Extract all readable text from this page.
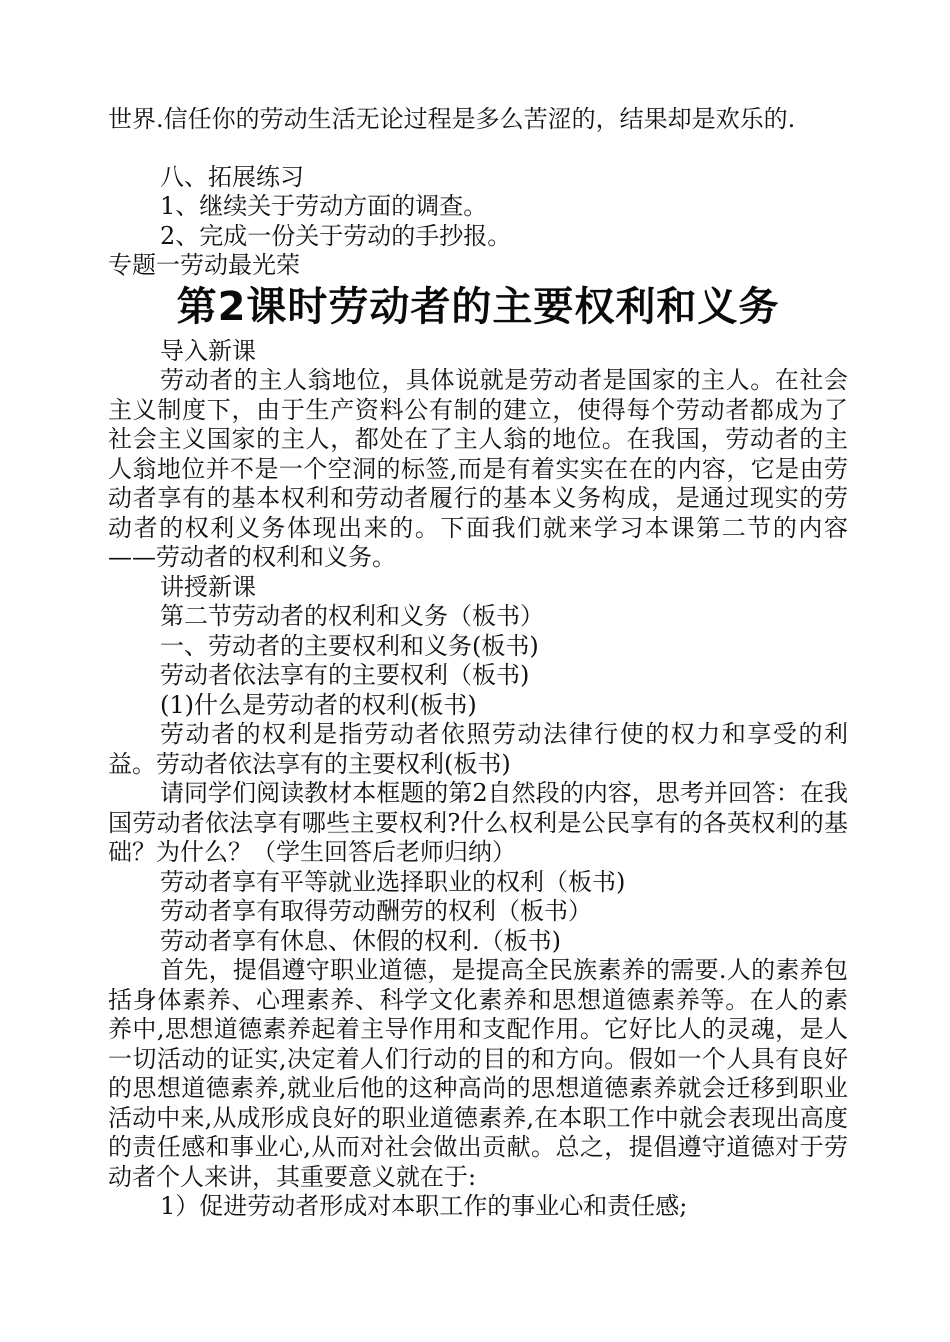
世界.信任你的劳动生活无论过程是多么苦涩的，结果却是欢乐的.

八、拓展练习

1、继续关于劳动方面的调查。

2、完成一份关于劳动的手抄报。

专题一劳动最光荣

第2课时劳动者的主要权利和义务

导入新课

劳动者的主人翁地位，具体说就是劳动者是国家的主人。在社会主义制度下，由于生产资料公有制的建立，使得每个劳动者都成为了社会主义国家的主人，都处在了主人翁的地位。在我国，劳动者的主人翁地位并不是一个空洞的标签,而是有着实实在在的内容，它是由劳动者享有的基本权利和劳动者履行的基本义务构成，是通过现实的劳动者的权利义务体现出来的。下面我们就来学习本课第二节的内容——劳动者的权利和义务。

讲授新课

第二节劳动者的权利和义务（板书）

一、劳动者的主要权利和义务(板书)

劳动者依法享有的主要权利（板书)

(1)什么是劳动者的权利(板书)

劳动者的权利是指劳动者依照劳动法律行使的权力和享受的利益。劳动者依法享有的主要权利(板书)

请同学们阅读教材本框题的第2自然段的内容，思考并回答：在我国劳动者依法享有哪些主要权利?什么权利是公民享有的各英权利的基础？为什么？（学生回答后老师归纳）

劳动者享有平等就业选择职业的权利（板书)

劳动者享有取得劳动酬劳的权利（板书）

劳动者享有休息、休假的权利.（板书)

首先，提倡遵守职业道德，是提高全民族素养的需要.人的素养包括身体素养、心理素养、科学文化素养和思想道德素养等。在人的素养中,思想道德素养起着主导作用和支配作用。它好比人的灵魂，是人一切活动的证实,决定着人们行动的目的和方向。假如一个人具有良好的思想道德素养,就业后他的这种高尚的思想道德素养就会迁移到职业活动中来,从成形成良好的职业道德素养,在本职工作中就会表现出高度的责任感和事业心,从而对社会做出贡献。总之，提倡遵守道德对于劳动者个人来讲，其重要意义就在于:

1）促进劳动者形成对本职工作的事业心和责任感;
